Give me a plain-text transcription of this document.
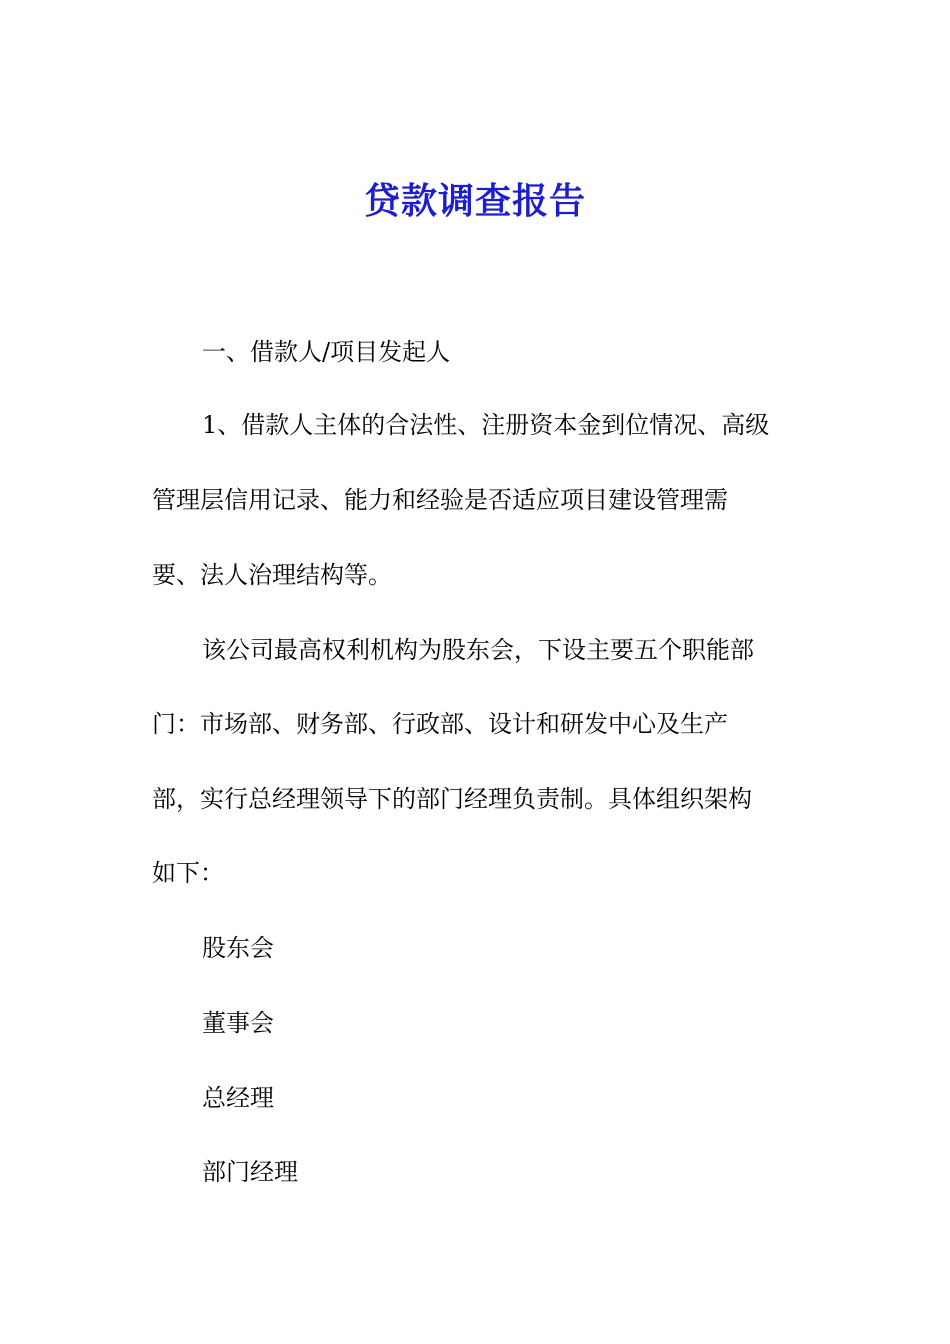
贷款调查报告
一、借款人/项目发起人
1、借款人主体的合法性、注册资本金到位情况、高级
管理层信用记录、能力和经验是否适应项目建设管理需
要、法人治理结构等。
该公司最高权利机构为股东会，下设主要五个职能部
门：市场部、财务部、行政部、设计和研发中心及生产
部，实行总经理领导下的部门经理负责制。具体组织架构
如下：
股东会
董事会
总经理
部门经理
